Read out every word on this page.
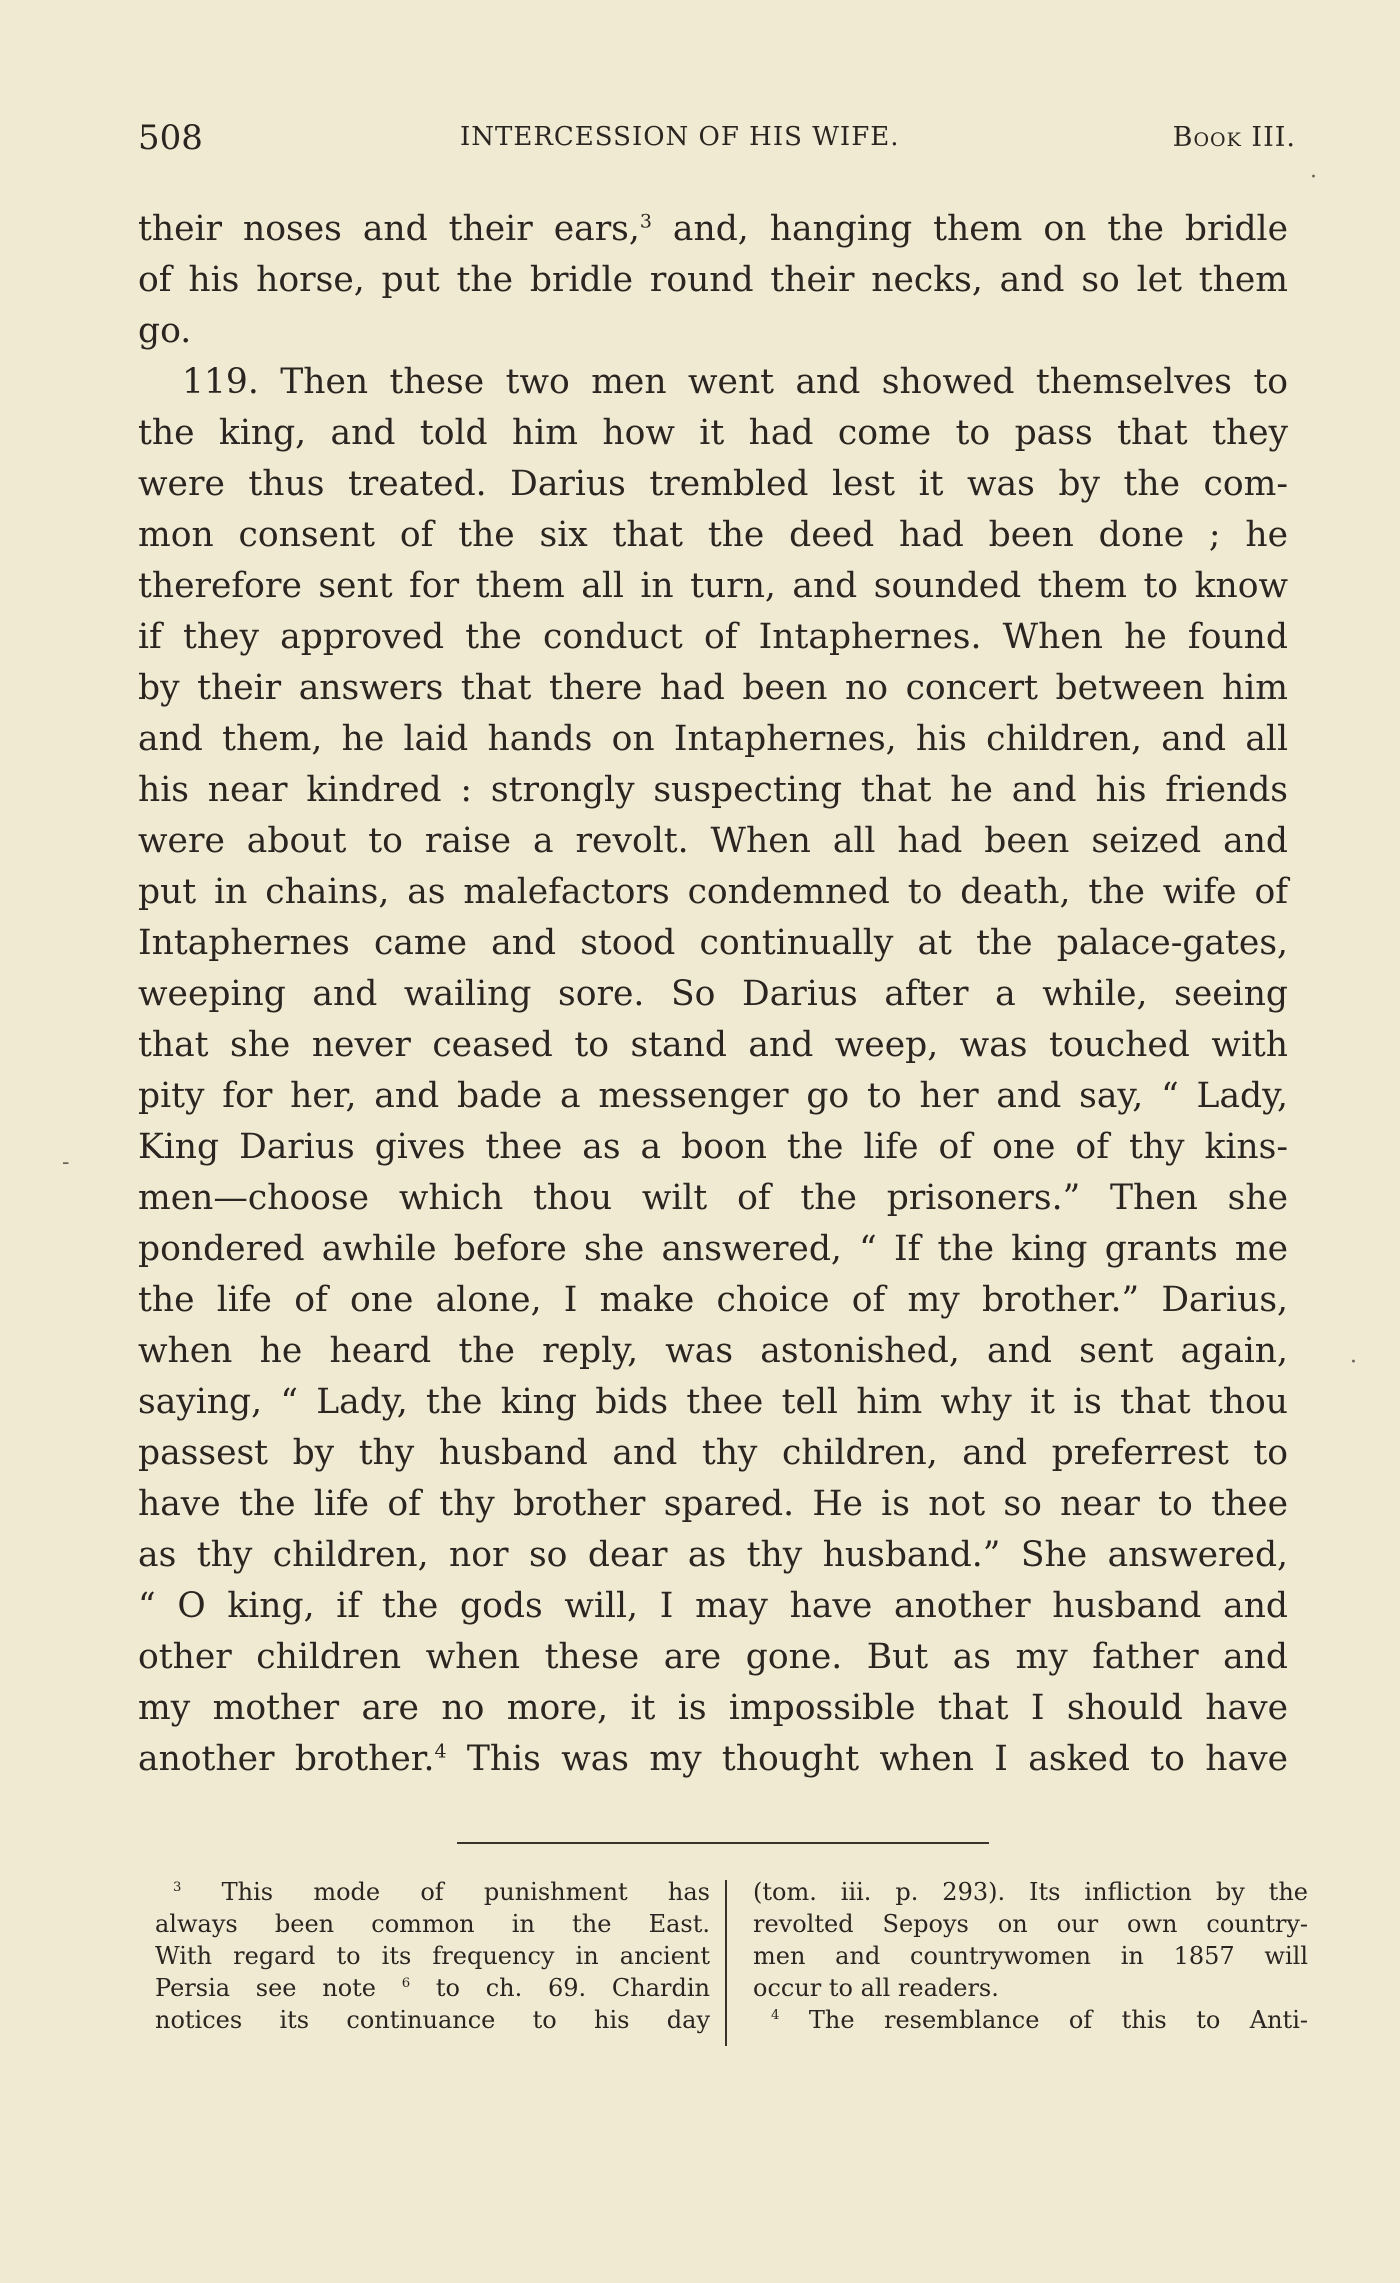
508	INTERCESSION OF HIS WIFE.	Book III.
their noses and their ears,$^3$ and, hanging them on the bridle
of his horse, put the bridle round their necks, and so let them
go.
119. Then these two men went and showed themselves to
the king, and told him how it had come to pass that they
were thus treated. Darius trembled lest it was by the com-
mon consent of the six that the deed had been done ; he
therefore sent for them all in turn, and sounded them to know
if they approved the conduct of Intaphernes. When he found
by their answers that there had been no concert between him
and them, he laid hands on Intaphernes, his children, and all
his near kindred : strongly suspecting that he and his friends
were about to raise a revolt. When all had been seized and
put in chains, as malefactors condemned to death, the wife of
Intaphernes came and stood continually at the palace-gates,
weeping and wailing sore. So Darius after a while, seeing
that she never ceased to stand and weep, was touched with
pity for her, and bade a messenger go to her and say, “ Lady,
King Darius gives thee as a boon the life of one of thy kins-
men—choose which thou wilt of the prisoners.” Then she
pondered awhile before she answered, “ If the king grants me
the life of one alone, I make choice of my brother.” Darius,
when he heard the reply, was astonished, and sent again,
saying, “ Lady, the king bids thee tell him why it is that thou
passest by thy husband and thy children, and preferrest to
have the life of thy brother spared. He is not so near to thee
as thy children, nor so dear as thy husband.” She answered,
“ O king, if the gods will, I may have another husband and
other children when these are gone. But as my father and
my mother are no more, it is impossible that I should have
another brother.$^4$ This was my thought when I asked to have
$^3$ This mode of punishment has
always been common in the East.
With regard to its frequency in ancient
Persia see note $^6$ to ch. 69. Chardin
notices its continuance to his day
(tom. iii. p. 293). Its infliction by the
revolted Sepoys on our own country-
men and countrywomen in 1857 will
occur to all readers.
$^4$ The resemblance of this to Anti-
·
-
·
